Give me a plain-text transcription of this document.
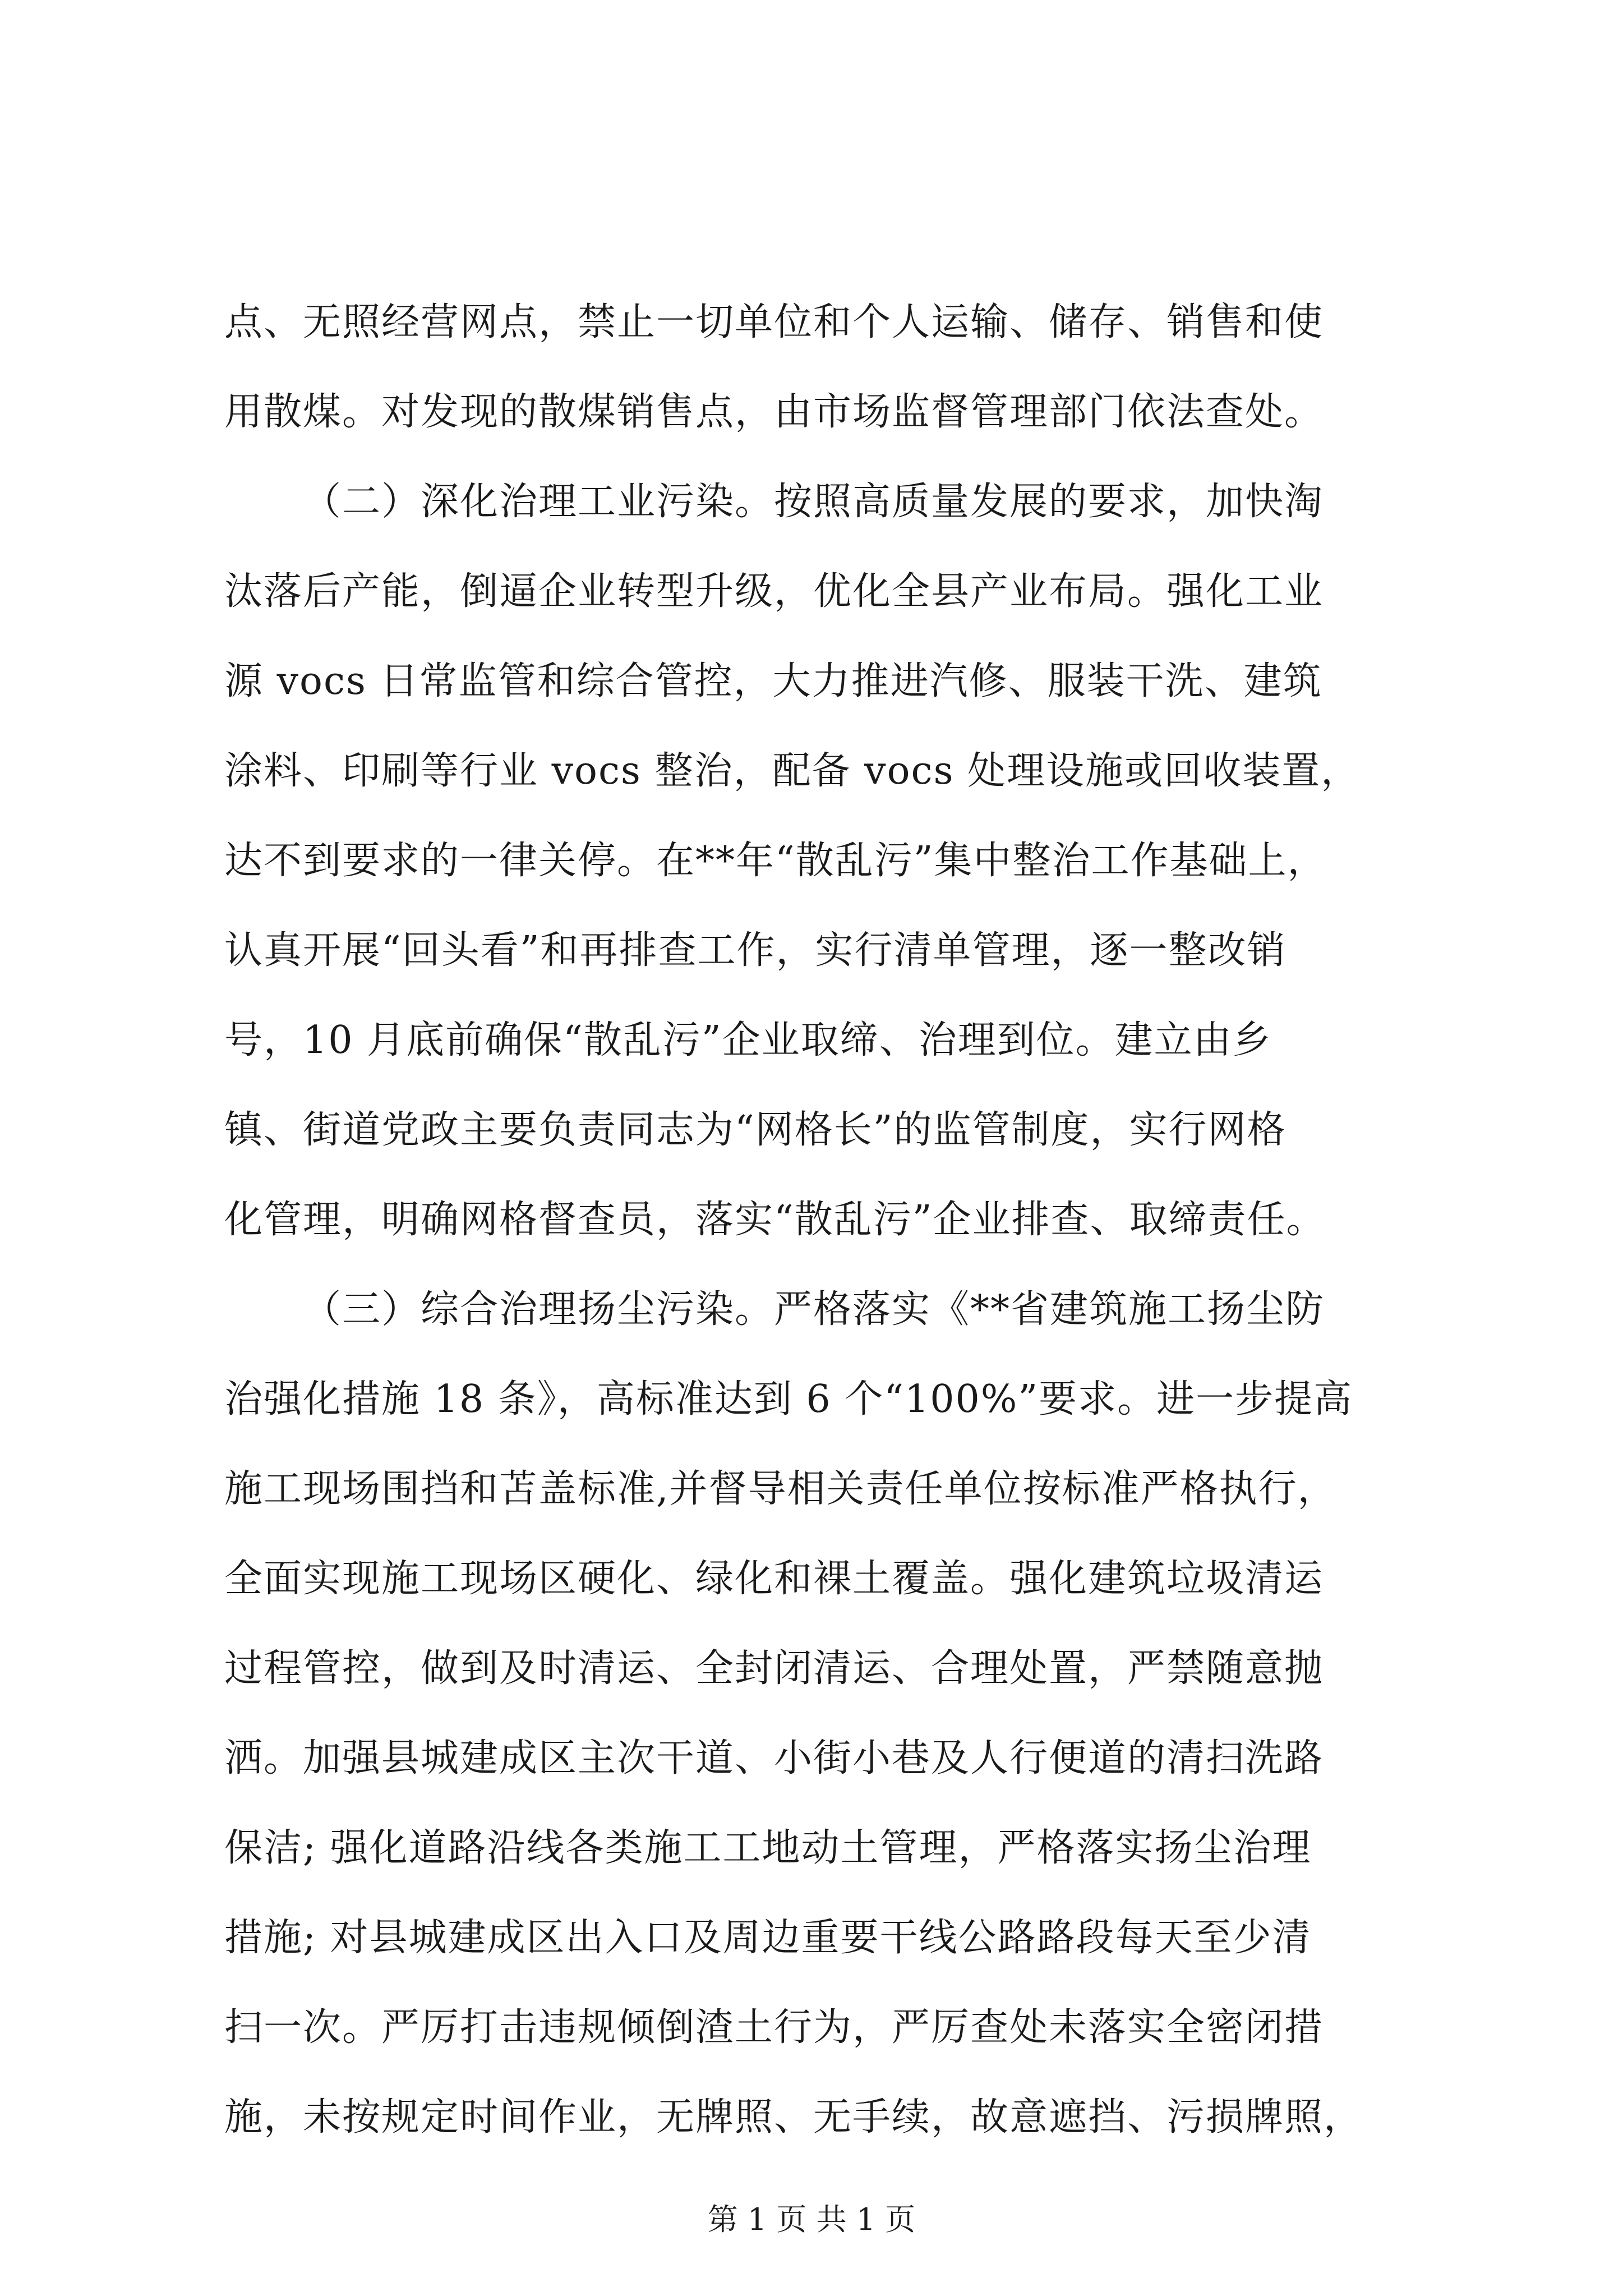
点、无照经营网点，禁止一切单位和个人运输、储存、销售和使
用散煤。对发现的散煤销售点，由市场监督管理部门依法查处。
（二）深化治理工业污染。按照高质量发展的要求，加快淘
汰落后产能，倒逼企业转型升级，优化全县产业布局。强化工业
源 vocs 日常监管和综合管控，大力推进汽修、服装干洗、建筑
涂料、印刷等行业 vocs 整治，配备 vocs 处理设施或回收装置，
达不到要求的一律关停。在**年“散乱污”集中整治工作基础上，
认真开展“回头看”和再排查工作，实行清单管理，逐一整改销
号，10 月底前确保“散乱污”企业取缔、治理到位。建立由乡
镇、街道党政主要负责同志为“网格长”的监管制度，实行网格
化管理，明确网格督查员，落实“散乱污”企业排查、取缔责任。
（三）综合治理扬尘污染。严格落实《**省建筑施工扬尘防
治强化措施 18 条》，高标准达到 6 个“100%”要求。进一步提高
施工现场围挡和苫盖标准,并督导相关责任单位按标准严格执行，
全面实现施工现场区硬化、绿化和裸土覆盖。强化建筑垃圾清运
过程管控，做到及时清运、全封闭清运、合理处置，严禁随意抛
洒。加强县城建成区主次干道、小街小巷及人行便道的清扫洗路
保洁; 强化道路沿线各类施工工地动土管理，严格落实扬尘治理
措施; 对县城建成区出入口及周边重要干线公路路段每天至少清
扫一次。严厉打击违规倾倒渣土行为，严厉查处未落实全密闭措
施，未按规定时间作业，无牌照、无手续，故意遮挡、污损牌照，
第 1 页 共 1 页
